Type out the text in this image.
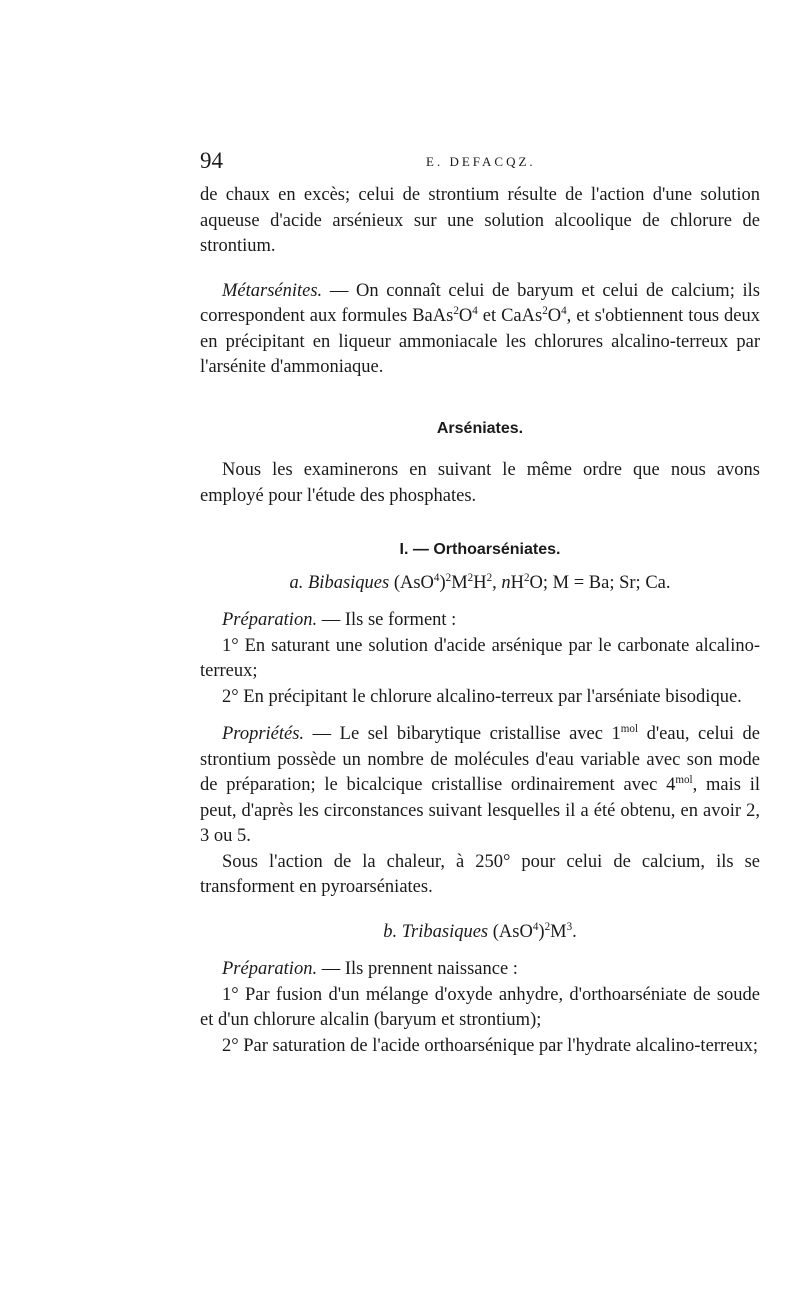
94	E. DEFACQZ.

de chaux en excès; celui de strontium résulte de l'action d'une solution aqueuse d'acide arsénieux sur une solution alcoolique de chlorure de strontium.

Métarsénites. — On connaît celui de baryum et celui de calcium; ils correspondent aux formules $BaAs^2O^4$ et $CaAs^2O^4$, et s'obtiennent tous deux en précipitant en liqueur ammoniacale les chlorures alcalino-terreux par l'arsénite d'ammoniaque.

Arséniates.

Nous les examinerons en suivant le même ordre que nous avons employé pour l'étude des phosphates.

I. — Orthoarséniates.

a. Bibasiques $(AsO^4)^2M^2H^2$, $nH^2O$; M = Ba; Sr; Ca.

Préparation. — Ils se forment :

1° En saturant une solution d'acide arsénique par le carbonate alcalino-terreux;

2° En précipitant le chlorure alcalino-terreux par l'arséniate bisodique.

Propriétés. — Le sel bibarytique cristallise avec $1^{mol}$ d'eau, celui de strontium possède un nombre de molécules d'eau variable avec son mode de préparation; le bicalcique cristallise ordinairement avec $4^{mol}$, mais il peut, d'après les circonstances suivant lesquelles il a été obtenu, en avoir 2, 3 ou 5.

Sous l'action de la chaleur, à 250° pour celui de calcium, ils se transforment en pyroarséniates.

b. Tribasiques $(AsO^4)^2M^3$.

Préparation. — Ils prennent naissance :

1° Par fusion d'un mélange d'oxyde anhydre, d'orthoarséniate de soude et d'un chlorure alcalin (baryum et strontium);

2° Par saturation de l'acide orthoarsénique par l'hydrate alcalino-terreux;
